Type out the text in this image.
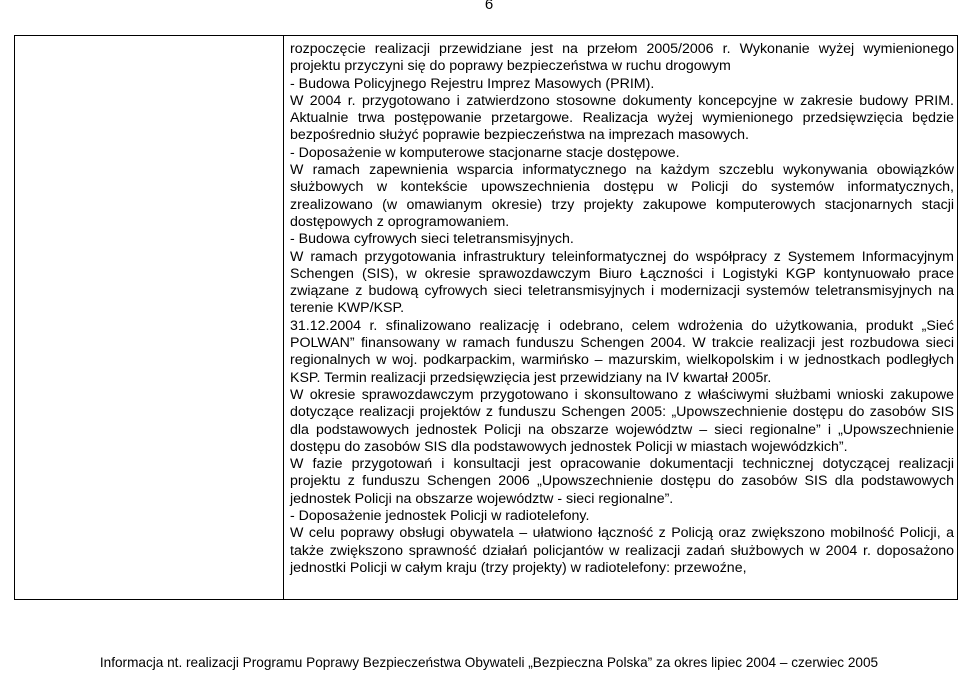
6

rozpoczęcie realizacji przewidziane jest na przełom 2005/2006 r. Wykonanie wyżej wymienionego projektu przyczyni się do poprawy bezpieczeństwa w ruchu drogowym

- Budowa Policyjnego Rejestru Imprez Masowych (PRIM).

W 2004 r. przygotowano i zatwierdzono stosowne dokumenty koncepcyjne w zakresie budowy PRIM. Aktualnie trwa postępowanie przetargowe. Realizacja wyżej wymienionego przedsięwzięcia będzie bezpośrednio służyć poprawie bezpieczeństwa na imprezach masowych.

- Doposażenie w komputerowe stacjonarne stacje dostępowe.

W ramach zapewnienia wsparcia informatycznego na każdym szczeblu wykonywania obowiązków służbowych w kontekście upowszechnienia dostępu w Policji do systemów informatycznych, zrealizowano (w omawianym okresie) trzy projekty zakupowe komputerowych stacjonarnych stacji dostępowych z oprogramowaniem.

- Budowa cyfrowych sieci teletransmisyjnych.

W ramach przygotowania infrastruktury teleinformatycznej do współpracy z Systemem Informacyjnym Schengen (SIS), w okresie sprawozdawczym Biuro Łączności i Logistyki KGP kontynuowało prace związane z budową cyfrowych sieci teletransmisyjnych i modernizacji systemów teletransmisyjnych na terenie KWP/KSP.

31.12.2004 r. sfinalizowano realizację i odebrano, celem wdrożenia do użytkowania, produkt „Sieć POLWAN” finansowany w ramach funduszu Schengen 2004. W trakcie realizacji jest rozbudowa sieci regionalnych w woj. podkarpackim, warmińsko – mazurskim, wielkopolskim i w jednostkach podległych KSP. Termin realizacji przedsięwzięcia jest przewidziany na IV kwartał 2005r.

W okresie sprawozdawczym przygotowano i skonsultowano z właściwymi służbami wnioski zakupowe dotyczące realizacji projektów z funduszu Schengen 2005: „Upowszechnienie dostępu do zasobów SIS dla podstawowych jednostek Policji na obszarze województw – sieci regionalne” i „Upowszechnienie dostępu do zasobów SIS dla podstawowych jednostek Policji w miastach wojewódzkich”.

W fazie przygotowań i konsultacji jest opracowanie dokumentacji technicznej dotyczącej realizacji projektu z funduszu Schengen 2006 „Upowszechnienie dostępu do zasobów SIS dla podstawowych jednostek Policji na obszarze województw - sieci regionalne”.

- Doposażenie jednostek Policji w radiotelefony.

W celu poprawy obsługi obywatela – ułatwiono łączność z Policją oraz zwiększono mobilność Policji, a także zwiększono sprawność działań policjantów w realizacji zadań służbowych w 2004 r. doposażono jednostki Policji w całym kraju (trzy projekty) w radiotelefony: przewoźne,

Informacja nt. realizacji Programu Poprawy Bezpieczeństwa Obywateli „Bezpieczna Polska” za okres lipiec 2004 – czerwiec 2005
